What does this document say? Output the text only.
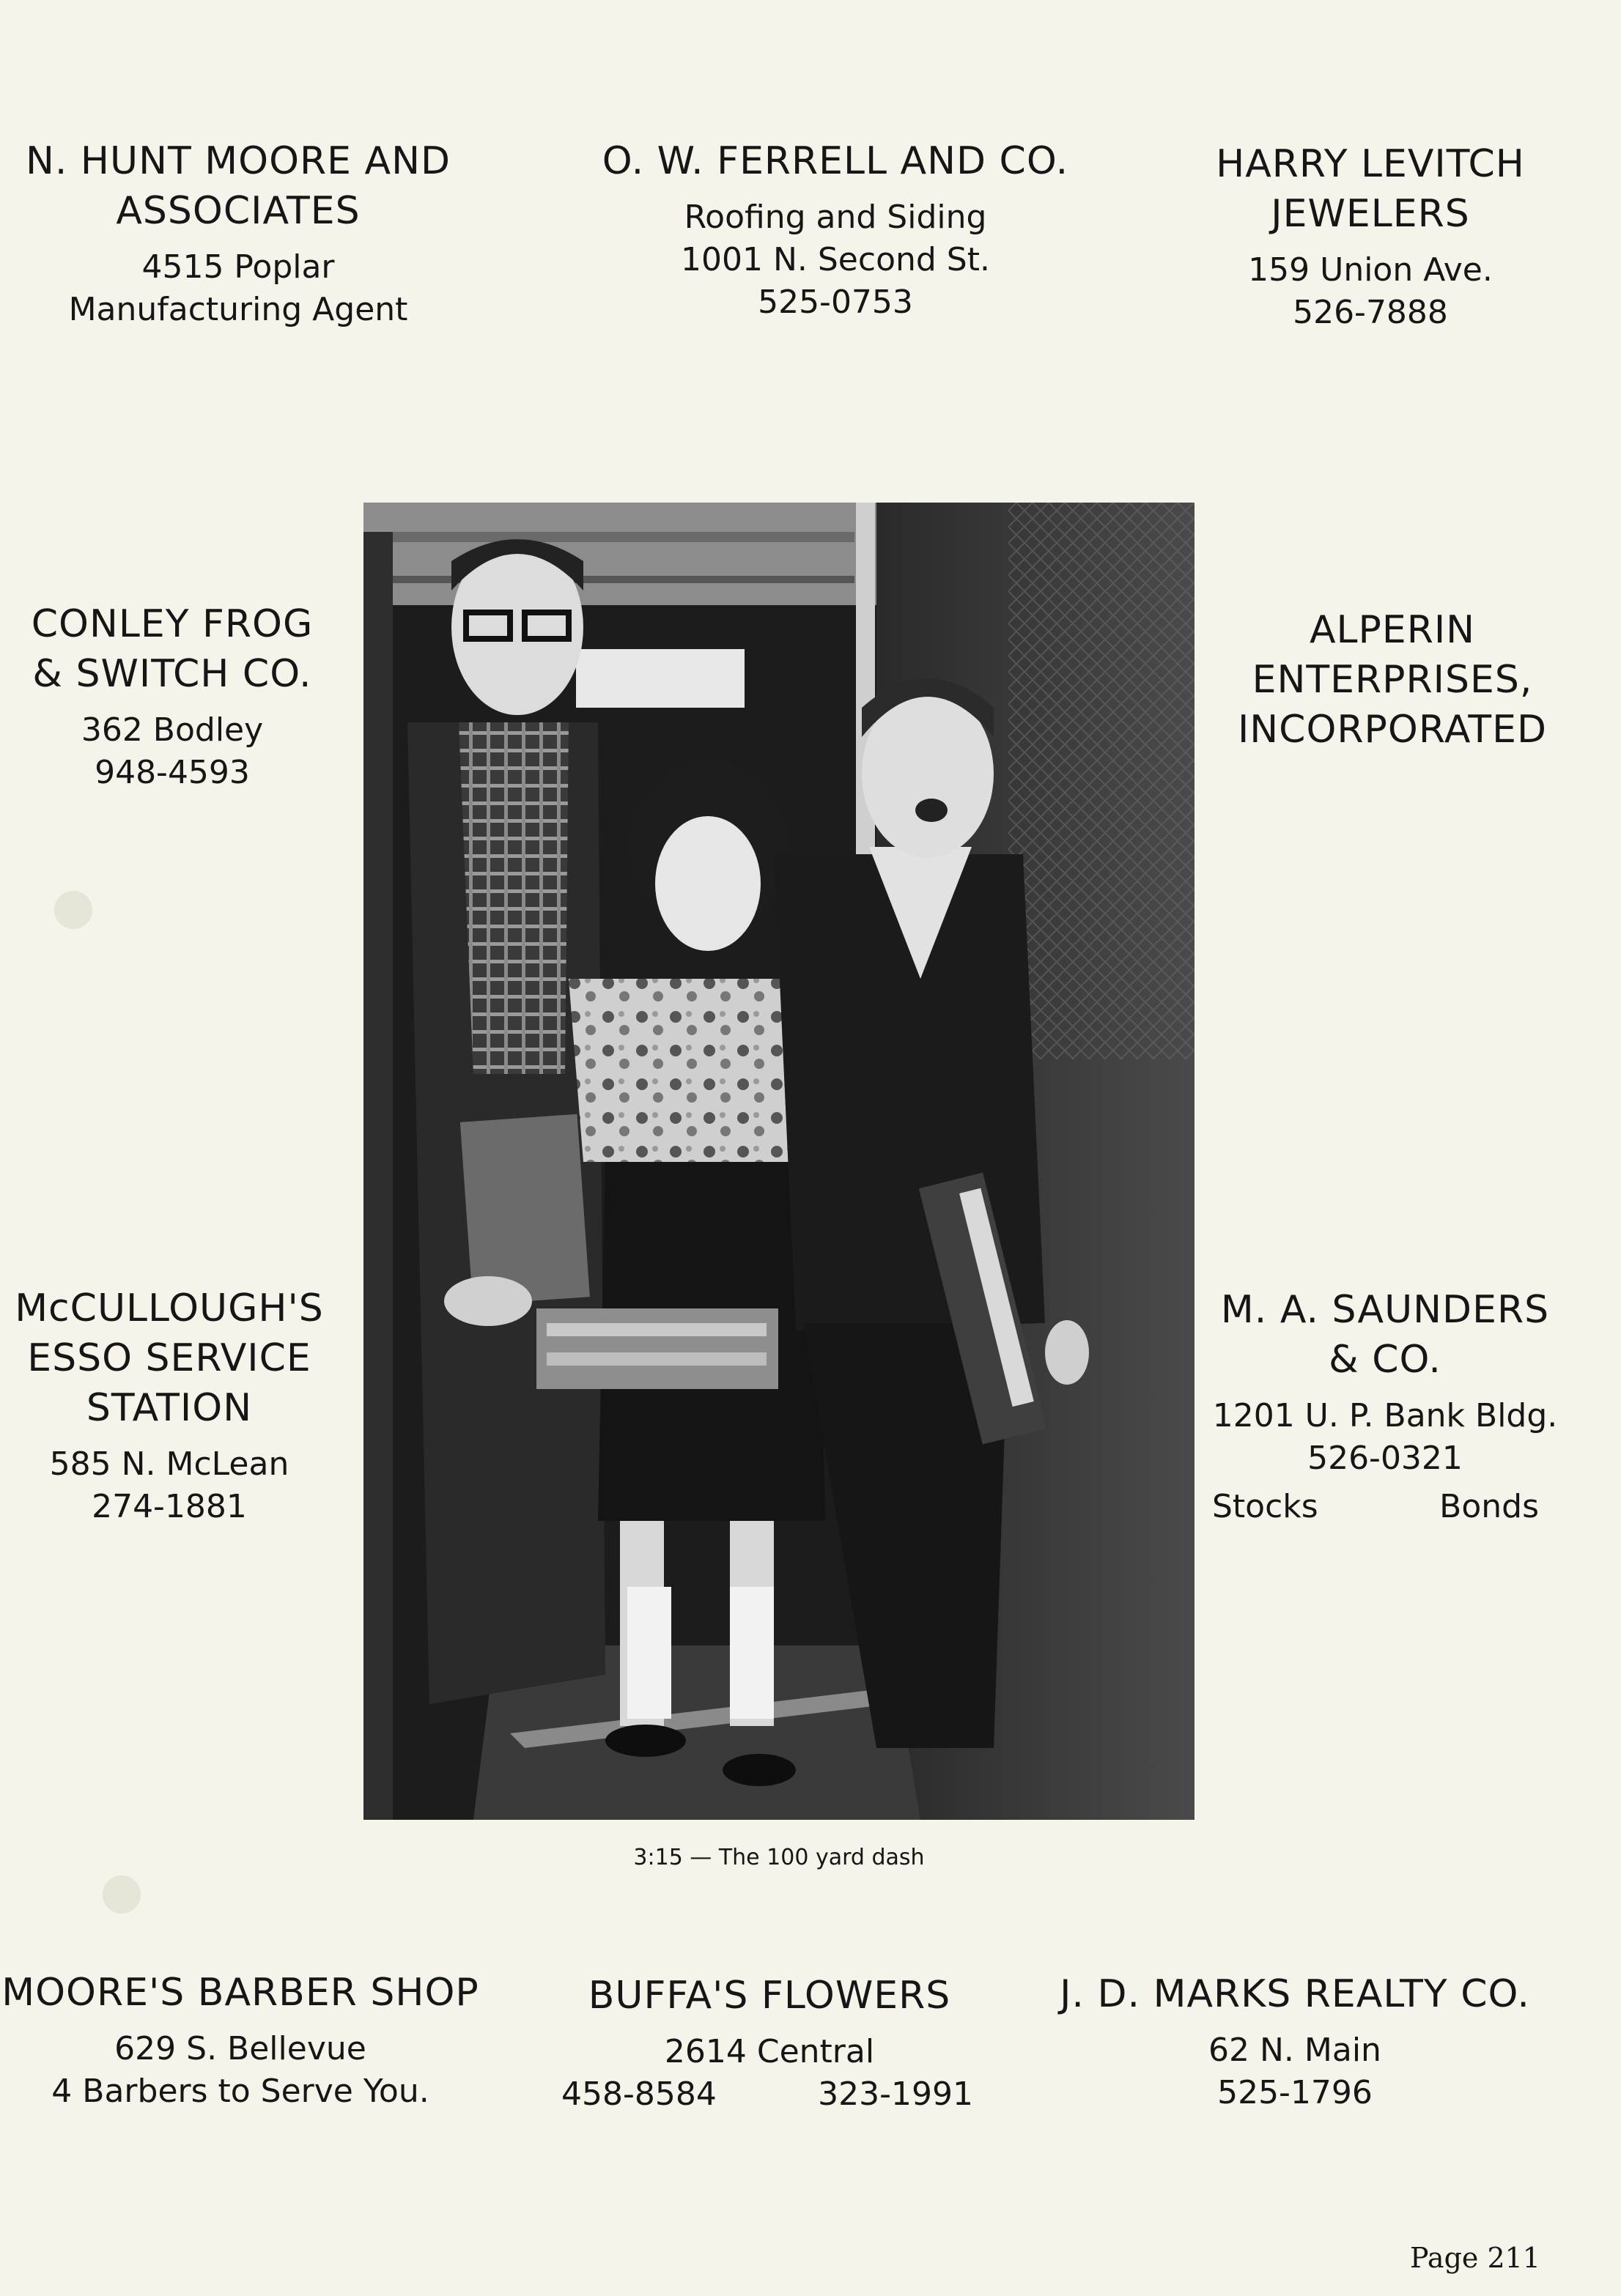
N. HUNT MOORE AND
ASSOCIATES
4515 Poplar
Manufacturing Agent
O. W. FERRELL AND CO.
Roofing and Siding
1001 N. Second St.
525-0753
HARRY LEVITCH
JEWELERS
159 Union Ave.
526-7888
CONLEY FROG
& SWITCH CO.
362 Bodley
948-4593
ALPERIN
ENTERPRISES,
INCORPORATED
McCULLOUGH'S
ESSO SERVICE
STATION
585 N. McLean
274-1881
M. A. SAUNDERS
& CO.
1201 U. P. Bank Bldg.
526-0321
Stocks	Bonds
3:15 — The 100 yard dash
MOORE'S BARBER SHOP
629 S. Bellevue
4 Barbers to Serve You.
BUFFA'S FLOWERS
2614 Central
458-8584	323-1991
J. D. MARKS REALTY CO.
62 N. Main
525-1796
Page 211
